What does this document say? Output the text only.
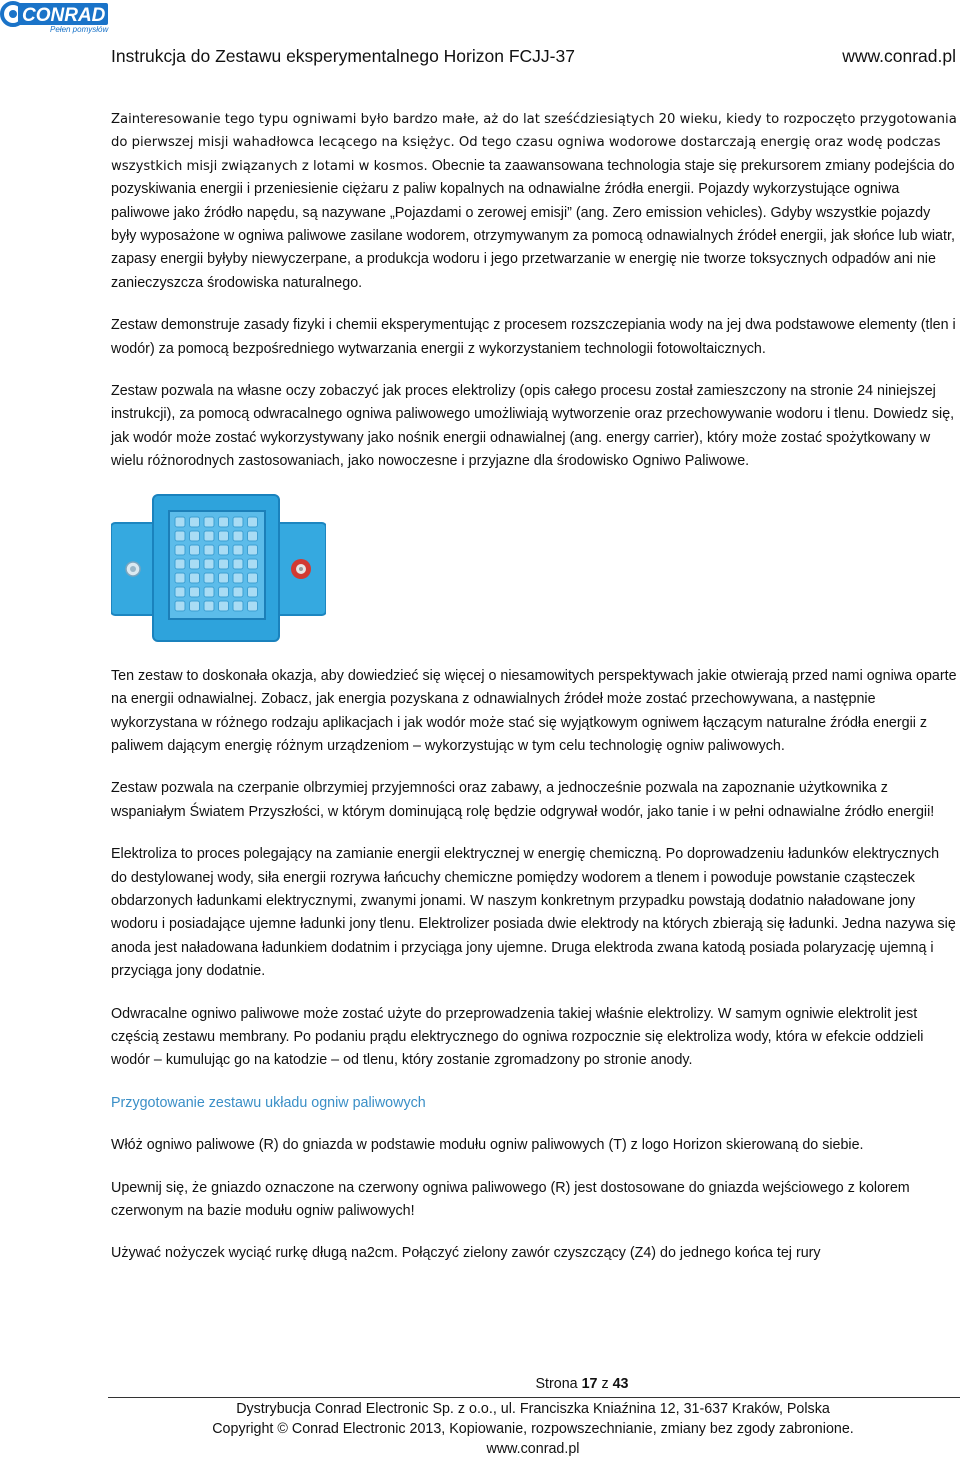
CONRAD
Pełen pomysłów
Instrukcja do Zestawu eksperymentalnego Horizon FCJJ-37	www.conrad.pl

Zainteresowanie tego typu ogniwami było bardzo małe, aż do lat sześćdziesiątych 20 wieku, kiedy to rozpoczęto przygotowania do pierwszej misji wahadłowca lecącego na księżyc. Od tego czasu ogniwa wodorowe dostarczają energię oraz wodę podczas wszystkich misji związanych z lotami w kosmos. Obecnie ta zaawansowana technologia staje się prekursorem zmiany podejścia do pozyskiwania energii i przeniesienie ciężaru z paliw kopalnych na odnawialne źródła energii. Pojazdy wykorzystujące ogniwa paliwowe jako źródło napędu, są nazywane „Pojazdami o zerowej emisji” (ang. Zero emission vehicles). Gdyby wszystkie pojazdy były wyposażone w ogniwa paliwowe zasilane wodorem, otrzymywanym za pomocą odnawialnych źródeł energii, jak słońce lub wiatr, zapasy energii byłyby niewyczerpane, a produkcja wodoru i jego przetwarzanie w energię nie tworze toksycznych odpadów ani nie zanieczyszcza środowiska naturalnego.

Zestaw demonstruje zasady fizyki i chemii eksperymentując z procesem rozszczepiania wody na jej dwa podstawowe elementy (tlen i wodór) za pomocą bezpośredniego wytwarzania energii z wykorzystaniem technologii fotowoltaicznych.

Zestaw pozwala na własne oczy zobaczyć jak proces elektrolizy (opis całego procesu został zamieszczony na stronie 24 niniejszej instrukcji), za pomocą odwracalnego ogniwa paliwowego umożliwiają wytworzenie oraz przechowywanie wodoru i tlenu. Dowiedz się, jak wodór może zostać wykorzystywany jako nośnik energii odnawialnej (ang. energy carrier), który może zostać spożytkowany w wielu różnorodnych zastosowaniach, jako nowoczesne i przyjazne dla środowisko Ogniwo Paliwowe.

Ten zestaw to doskonała okazja, aby dowiedzieć się więcej o niesamowitych perspektywach jakie otwierają przed nami ogniwa oparte na energii odnawialnej. Zobacz, jak energia pozyskana z odnawialnych źródeł może zostać przechowywana, a następnie wykorzystana w różnego rodzaju aplikacjach i jak wodór może stać się wyjątkowym ogniwem łączącym naturalne źródła energii z paliwem dającym energię różnym urządzeniom – wykorzystując w tym celu technologię ogniw paliwowych.

Zestaw pozwala na czerpanie olbrzymiej przyjemności oraz zabawy, a jednocześnie pozwala na zapoznanie użytkownika z wspaniałym Światem Przyszłości, w którym dominującą rolę będzie odgrywał wodór, jako tanie i w pełni odnawialne źródło energii!

Elektroliza to proces polegający na zamianie energii elektrycznej w energię chemiczną. Po doprowadzeniu ładunków elektrycznych do destylowanej wody, siła energii rozrywa łańcuchy chemiczne pomiędzy wodorem a tlenem i powoduje powstanie cząsteczek obdarzonych ładunkami elektrycznymi, zwanymi jonami. W naszym konkretnym przypadku powstają dodatnio naładowane jony wodoru i posiadające ujemne ładunki jony tlenu. Elektrolizer posiada dwie elektrody na których zbierają się ładunki. Jedna nazywa się anoda jest naładowana ładunkiem dodatnim i przyciąga jony ujemne. Druga elektroda zwana katodą posiada polaryzację ujemną i przyciąga jony dodatnie.

Odwracalne ogniwo paliwowe może zostać użyte do przeprowadzenia takiej właśnie elektrolizy. W samym ogniwie elektrolit jest częścią zestawu membrany. Po podaniu prądu elektrycznego do ogniwa rozpocznie się elektroliza wody, która w efekcie oddzieli wodór – kumulując go na katodzie – od tlenu, który zostanie zgromadzony po stronie anody.

Przygotowanie zestawu układu ogniw paliwowych

Włóż ogniwo paliwowe (R) do gniazda w podstawie modułu ogniw paliwowych (T) z logo Horizon skierowaną do siebie.

Upewnij się, że gniazdo oznaczone na czerwony ogniwa paliwowego (R) jest dostosowane do gniazda wejściowego z kolorem czerwonym na bazie modułu ogniw paliwowych!

Używać nożyczek wyciąć rurkę długą na2cm. Połączyć zielony zawór czyszczący (Z4) do jednego końca tej rury

Strona 17 z 43
Dystrybucja Conrad Electronic Sp. z o.o., ul. Franciszka Kniaźnina 12, 31-637 Kraków, Polska
Copyright © Conrad Electronic 2013, Kopiowanie, rozpowszechnianie, zmiany bez zgody zabronione.
www.conrad.pl
